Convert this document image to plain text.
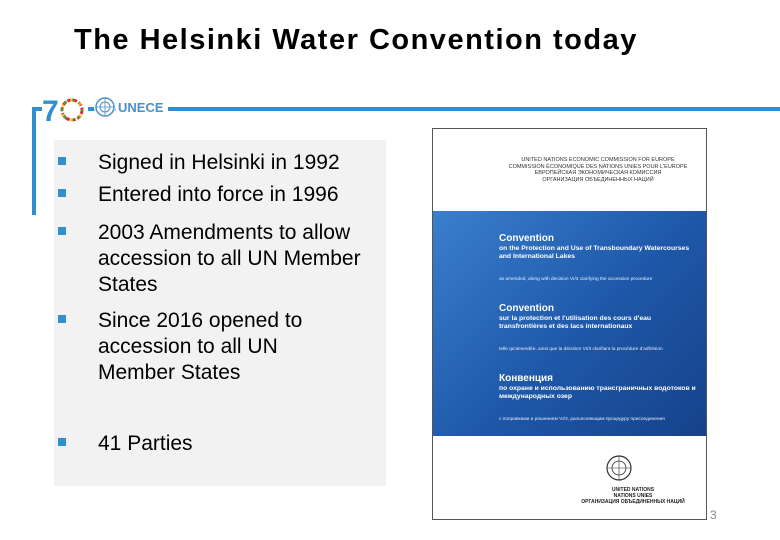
The Helsinki Water Convention today
7	UNECE
Signed in Helsinki in 1992
Entered into force in 1996
2003 Amendments to allow accession to all UN Member States
Since 2016 opened to accession to all UN Member States
41 Parties
UNITED NATIONS ECONOMIC COMMISSION FOR EUROPE
COMMISSION ÉCONOMIQUE DES NATIONS UNIES POUR L'EUROPE
ЕВРОПЕЙСКАЯ ЭКОНОМИЧЕСКАЯ КОМИССИЯ
ОРГАНИЗАЦИЯ ОБЪЕДИНЕННЫХ НАЦИЙ
Convention
on the Protection and Use of Transboundary Watercourses and International Lakes
as amended, along with decision VI/3 clarifying the accession procedure
Convention
sur la protection et l'utilisation des cours d'eau transfrontières et des lacs internationaux
telle qu'amendée, ainsi que la décision VI/3 clarifiant la procédure d'adhésion
Конвенция
по охране и использованию трансграничных водотоков и международных озер
с поправками и решением VI/3, разъясняющим процедуру присоединения
UNITED NATIONS
NATIONS UNIES
ОРГАНИЗАЦИЯ ОБЪЕДИНЕННЫХ НАЦИЙ
3
